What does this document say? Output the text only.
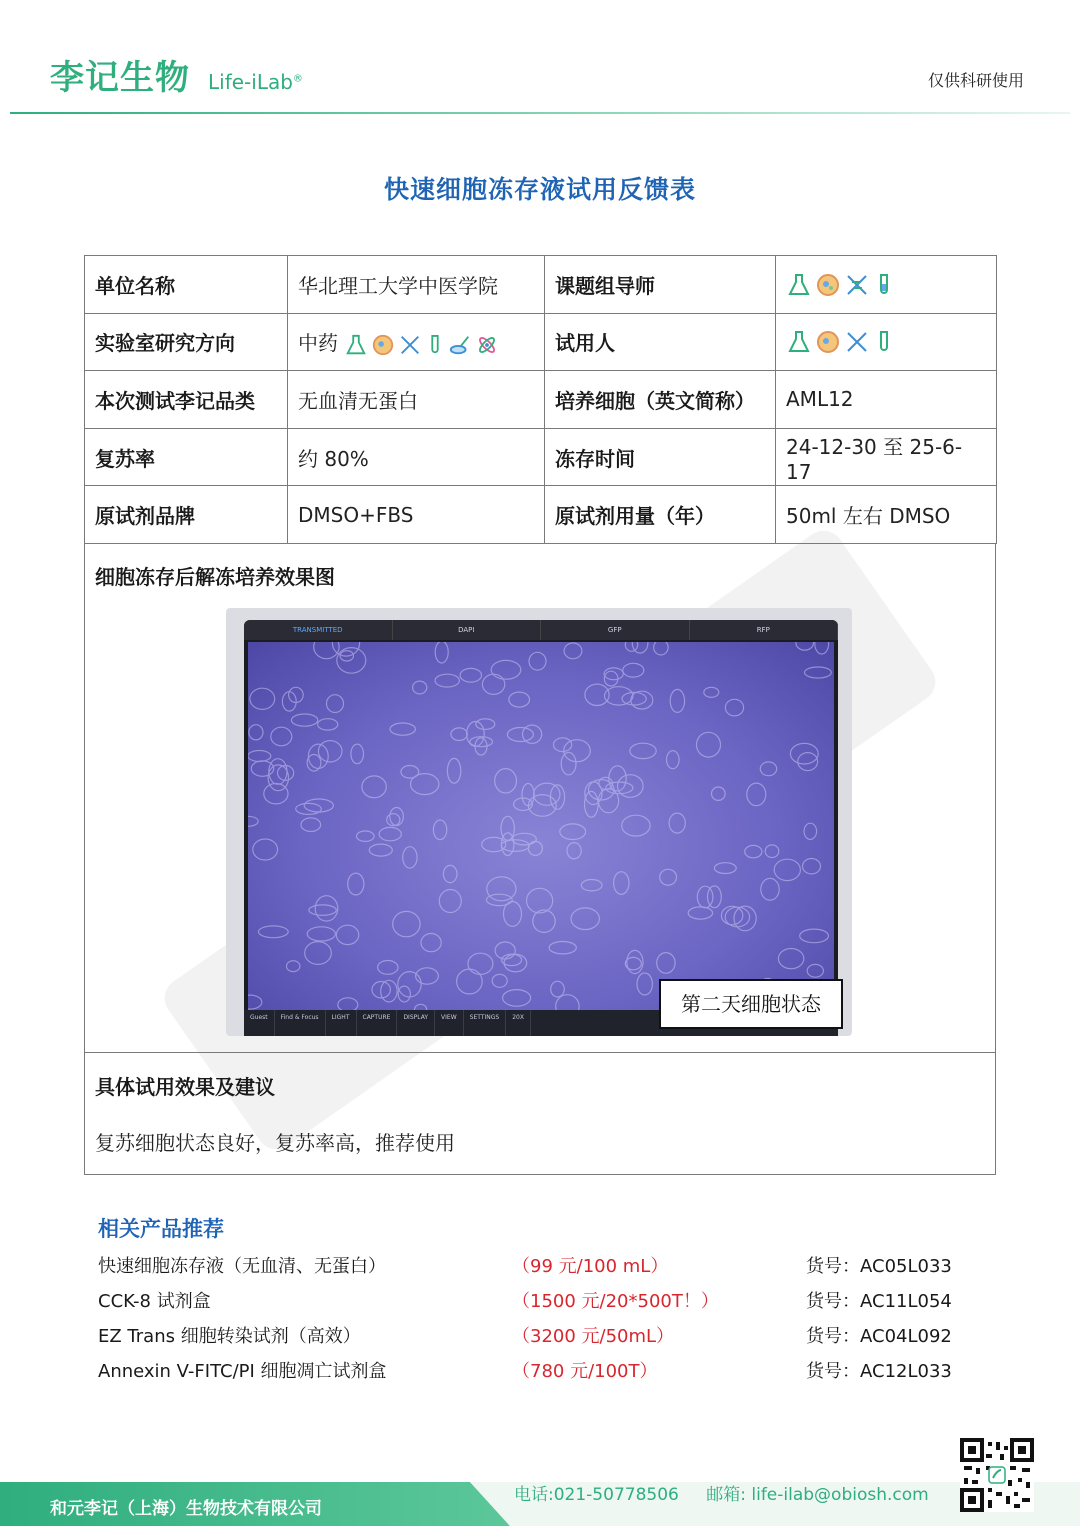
李记生物 Life-iLab®	仅供科研使用
快速细胞冻存液试用反馈表
单位名称	华北理工大学中医学院	课题组导师	

实验室研究方向	中药	试用人	

本次测试李记品类	无血清无蛋白	培养细胞（英文简称）	AML12
复苏率	约 80%	冻存时间	24-12-30 至 25-6-17
原试剂品牌	DMSO+FBS	原试剂用量（年）	50ml 左右 DMSO
细胞冻存后解冻培养效果图
TRANSMITTED	DAPI	GFP	RFP
Guest	Find & Focus	LIGHT	CAPTURE	DISPLAY	VIEW	SETTINGS	20X
第二天细胞状态
具体试用效果及建议
复苏细胞状态良好，复苏率高，推荐使用
相关产品推荐
快速细胞冻存液（无血清、无蛋白）	（99 元/100 mL）	货号：AC05L033
CCK-8 试剂盒	（1500 元/20*500T！）	货号：AC11L054
EZ Trans 细胞转染试剂（高效）	（3200 元/50mL）	货号：AC04L092
Annexin V-FITC/PI 细胞凋亡试剂盒	（780 元/100T）	货号：AC12L033
和元李记（上海）生物技术有限公司
电话:021-50778506 邮箱: life-ilab@obiosh.com
